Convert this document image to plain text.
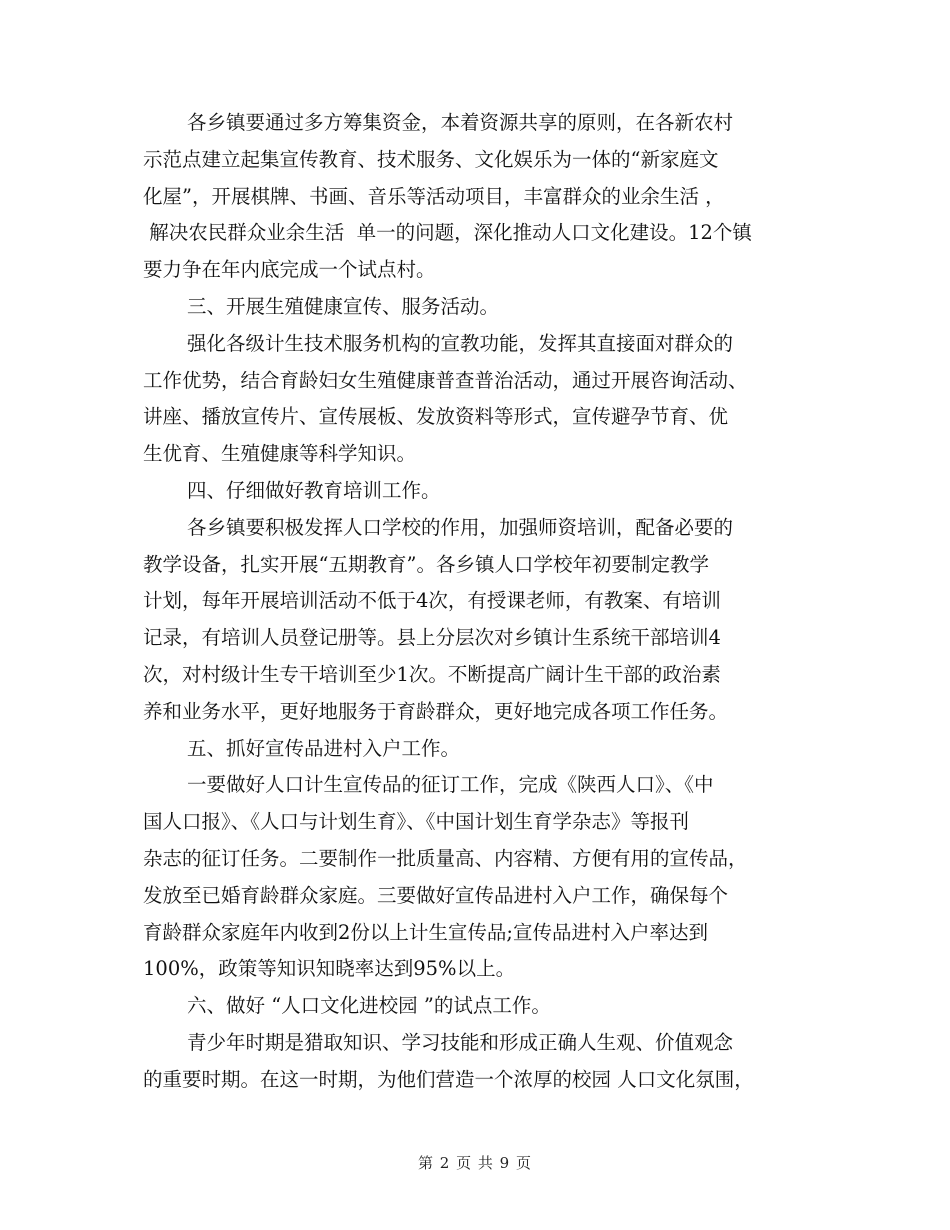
各乡镇要通过多方筹集资金，本着资源共享的原则，在各新农村
示范点建立起集宣传教育、技术服务、文化娱乐为一体的“新家庭文
化屋”，开展棋牌、书画、音乐等活动项目，丰富群众的业余生活 ，
解决农民群众业余生活  单一的问题，深化推动人口文化建设。12个镇
要力争在年内底完成一个试点村。
三、开展生殖健康宣传、服务活动。
强化各级计生技术服务机构的宣教功能，发挥其直接面对群众的
工作优势，结合育龄妇女生殖健康普查普治活动，通过开展咨询活动、
讲座、播放宣传片、宣传展板、发放资料等形式，宣传避孕节育、优
生优育、生殖健康等科学知识。
四、仔细做好教育培训工作。
各乡镇要积极发挥人口学校的作用，加强师资培训，配备必要的
教学设备，扎实开展“五期教育”。各乡镇人口学校年初要制定教学
计划，每年开展培训活动不低于4次，有授课老师，有教案、有培训
记录，有培训人员登记册等。县上分层次对乡镇计生系统干部培训4
次，对村级计生专干培训至少1次。不断提高广阔计生干部的政治素
养和业务水平，更好地服务于育龄群众，更好地完成各项工作任务。
五、抓好宣传品进村入户工作。
一要做好人口计生宣传品的征订工作，完成《陕西人口》、《中
国人口报》、《人口与计划生育》、《中国计划生育学杂志》等报刊
杂志的征订任务。二要制作一批质量高、内容精、方便有用的宣传品，
发放至已婚育龄群众家庭。三要做好宣传品进村入户工作，确保每个
育龄群众家庭年内收到2份以上计生宣传品;宣传品进村入户率达到
100%，政策等知识知晓率达到95%以上。
六、做好 “人口文化进校园 ”的试点工作。
青少年时期是猎取知识、学习技能和形成正确人生观、价值观念
的重要时期。在这一时期，为他们营造一个浓厚的校园 人口文化氛围，
第 2 页 共 9 页
